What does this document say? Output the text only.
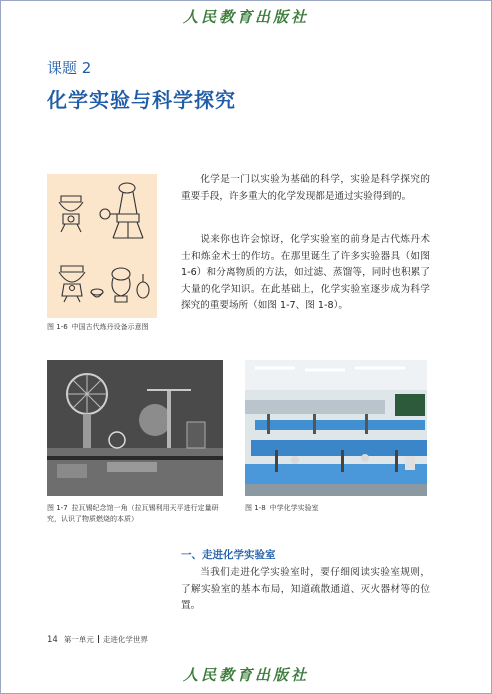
人民教育出版社
课题 2
化学实验与科学探究
图 1-6 中国古代炼丹设备示意图

化学是一门以实验为基础的科学，实验是科学探究的重要手段，许多重大的化学发现都是通过实验得到的。

说来你也许会惊讶，化学实验室的前身是古代炼丹术士和炼金术士的作坊。在那里诞生了许多实验器具（如图 1-6）和分离物质的方法，如过滤、蒸馏等，同时也积累了大量的化学知识。在此基础上，化学实验室逐步成为科学探究的重要场所（如图 1-7、图 1-8）。

图 1-7 拉瓦锡纪念馆一角（拉瓦锡利用天平进行定量研究，认识了物质燃烧的本质）
图 1-8 中学化学实验室
一、走进化学实验室

当我们走进化学实验室时，要仔细阅读实验室规则，了解实验室的基本布局，知道疏散通道、灭火器材等的位置。

14 第一单元 走进化学世界
人民教育出版社
